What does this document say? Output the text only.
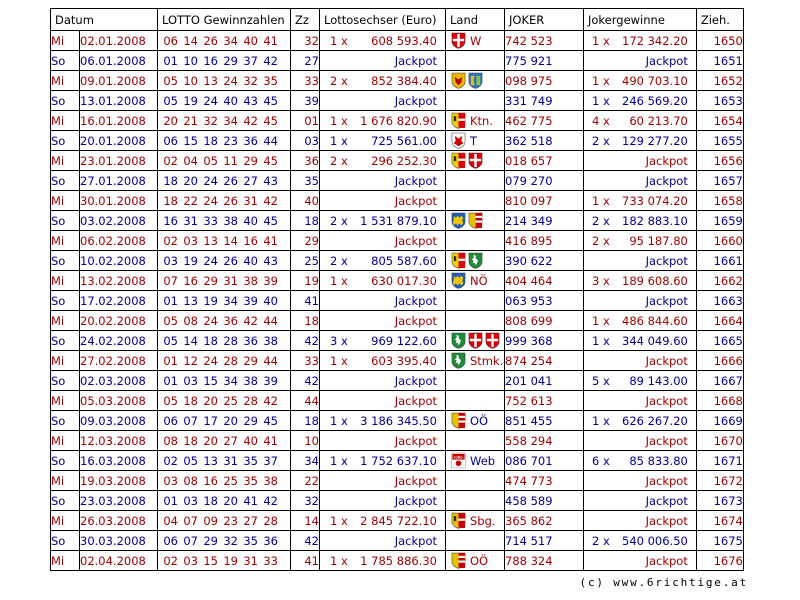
Datum		LOTTO Gewinnzahlen	Zz	Lottosechser (Euro)	Land	JOKER	Jokergewinne	Zieh.
Mi	02.01.2008	06 14 26 34 40 41	32	1 x 608 593.40	W	742 523	1 x 172 342.20	1650
So	06.01.2008	01 10 16 29 37 42	27	Jackpot		775 921	Jackpot	1651
Mi	09.01.2008	05 10 13 24 32 35	33	2 x 852 384.40		098 975	1 x 490 703.10	1652
So	13.01.2008	05 19 24 40 43 45	39	Jackpot		331 749	1 x 246 569.20	1653
Mi	16.01.2008	20 21 32 34 42 45	01	1 x 1 676 820.90	Ktn.	462 775	4 x 60 213.70	1654
So	20.01.2008	06 15 18 23 36 44	03	1 x 725 561.00	T	362 518	2 x 129 277.20	1655
Mi	23.01.2008	02 04 05 11 29 45	36	2 x 296 252.30		018 657	Jackpot	1656
So	27.01.2008	18 20 24 26 27 43	35	Jackpot		079 270	Jackpot	1657
Mi	30.01.2008	18 22 24 26 31 42	40	Jackpot		810 097	1 x 733 074.20	1658
So	03.02.2008	16 31 33 38 40 45	18	2 x 1 531 879.10		214 349	2 x 182 883.10	1659
Mi	06.02.2008	02 03 13 14 16 41	29	Jackpot		416 895	2 x 95 187.80	1660
So	10.02.2008	03 19 24 26 40 43	25	2 x 805 587.60		390 622	Jackpot	1661
Mi	13.02.2008	07 16 29 31 38 39	19	1 x 630 017.30	NÖ	404 464	3 x 189 608.60	1662
So	17.02.2008	01 13 19 34 39 40	41	Jackpot		063 953	Jackpot	1663
Mi	20.02.2008	05 08 24 36 42 44	18	Jackpot		808 699	1 x 486 844.60	1664
So	24.02.2008	05 14 18 28 36 38	42	3 x 969 122.60		999 368	1 x 344 049.60	1665
Mi	27.02.2008	01 12 24 28 29 44	33	1 x 603 395.40	Stmk.	874 254	Jackpot	1666
So	02.03.2008	01 03 15 34 38 39	42	Jackpot		201 041	5 x 89 143.00	1667
Mi	05.03.2008	05 18 20 25 28 42	44	Jackpot		752 613	Jackpot	1668
So	09.03.2008	06 07 17 20 29 45	18	1 x 3 186 345.50	OÖ	851 455	1 x 626 267.20	1669
Mi	12.03.2008	08 18 20 27 40 41	10	Jackpot		558 294	Jackpot	1670
So	16.03.2008	02 05 13 31 35 37	34	1 x 1 752 637.10	lotto Web	086 701	6 x 85 833.80	1671
Mi	19.03.2008	03 08 16 25 35 38	22	Jackpot		474 773	Jackpot	1672
So	23.03.2008	01 03 18 20 41 42	32	Jackpot		458 589	Jackpot	1673
Mi	26.03.2008	04 07 09 23 27 28	14	1 x 2 845 722.10	Sbg.	365 862	Jackpot	1674
So	30.03.2008	06 07 29 32 35 36	42	Jackpot		714 517	2 x 540 006.50	1675
Mi	02.04.2008	02 03 15 19 31 33	41	1 x 1 785 886.30	OÖ	788 324	Jackpot	1676
(c) www.6richtige.at
